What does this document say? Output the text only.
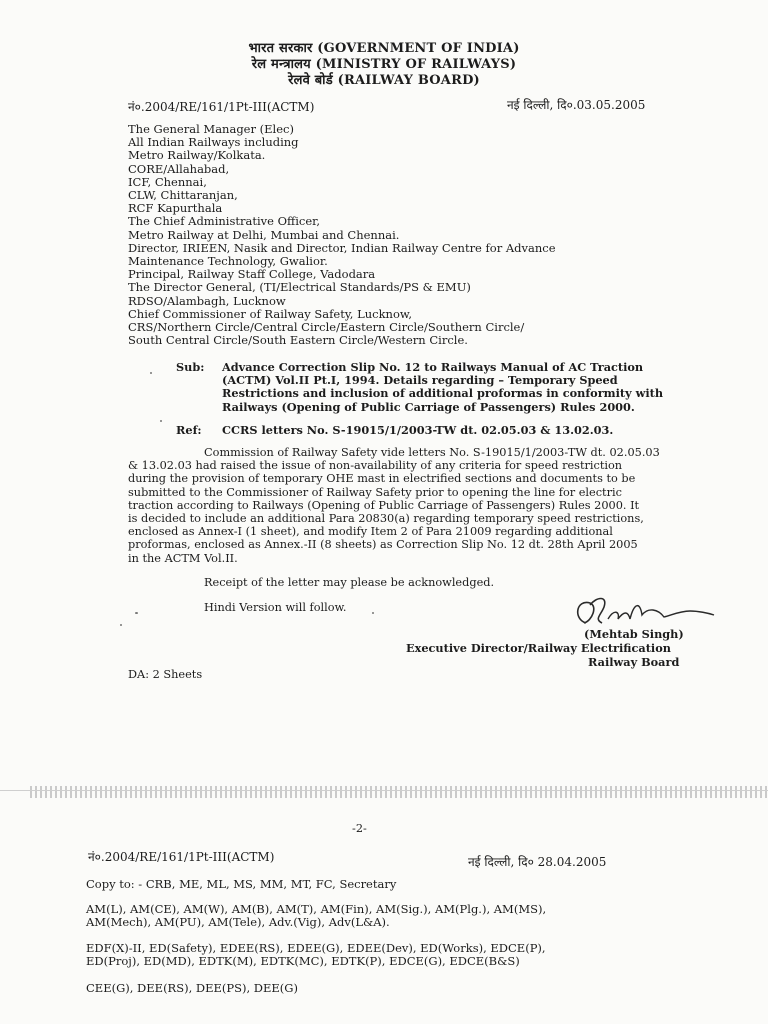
भारत सरकार (GOVERNMENT OF INDIA)
रेल मन्त्रालय (MINISTRY OF RAILWAYS)
रेलवे बोर्ड (RAILWAY BOARD)
नं०.2004/RE/161/1Pt-III(ACTM)	नई दिल्ली, दि०.03.05.2005
The General Manager (Elec)
All Indian Railways including
Metro Railway/Kolkata.
CORE/Allahabad,
ICF, Chennai,
CLW, Chittaranjan,
RCF Kapurthala
The Chief Administrative Officer,
Metro Railway at Delhi, Mumbai and Chennai.
Director, IRIEEN, Nasik and Director, Indian Railway Centre for Advance
Maintenance Technology, Gwalior.
Principal, Railway Staff College, Vadodara
The Director General, (TI/Electrical Standards/PS & EMU)
RDSO/Alambagh, Lucknow
Chief Commissioner of Railway Safety, Lucknow,
CRS/Northern Circle/Central Circle/Eastern Circle/Southern Circle/
South Central Circle/South Eastern Circle/Western Circle.
Sub: Advance Correction Slip No. 12 to Railways Manual of AC Traction
(ACTM) Vol.II Pt.I, 1994. Details regarding – Temporary Speed
Restrictions and inclusion of additional proformas in conformity with
Railways (Opening of Public Carriage of Passengers) Rules 2000.
Ref: CCRS letters No. S-19015/1/2003-TW dt. 02.05.03 & 13.02.03.
Commission of Railway Safety vide letters No. S-19015/1/2003-TW dt. 02.05.03
& 13.02.03 had raised the issue of non-availability of any criteria for speed restriction
during the provision of temporary OHE mast in electrified sections and documents to be
submitted to the Commissioner of Railway Safety prior to opening the line for electric
traction according to Railways (Opening of Public Carriage of Passengers) Rules 2000. It
is decided to include an additional Para 20830(a) regarding temporary speed restrictions,
enclosed as Annex-I (1 sheet), and modify Item 2 of Para 21009 regarding additional
proformas, enclosed as Annex.-II (8 sheets) as Correction Slip No. 12 dt. 28th April 2005
in the ACTM Vol.II.
Receipt of the letter may please be acknowledged.
Hindi Version will follow.
(Mehtab Singh)
Executive Director/Railway Electrification
Railway Board
DA: 2 Sheets
-2-
नं०.2004/RE/161/1Pt-III(ACTM)	नई दिल्ली, दि० 28.04.2005
Copy to: - CRB, ME, ML, MS, MM, MT, FC, Secretary
AM(L), AM(CE), AM(W), AM(B), AM(T), AM(Fin), AM(Sig.), AM(Plg.), AM(MS),
AM(Mech), AM(PU), AM(Tele), Adv.(Vig), Adv(L&A).
EDF(X)-II, ED(Safety), EDEE(RS), EDEE(G), EDEE(Dev), ED(Works), EDCE(P),
ED(Proj), ED(MD), EDTK(M), EDTK(MC), EDTK(P), EDCE(G), EDCE(B&S)
CEE(G), DEE(RS), DEE(PS), DEE(G)
